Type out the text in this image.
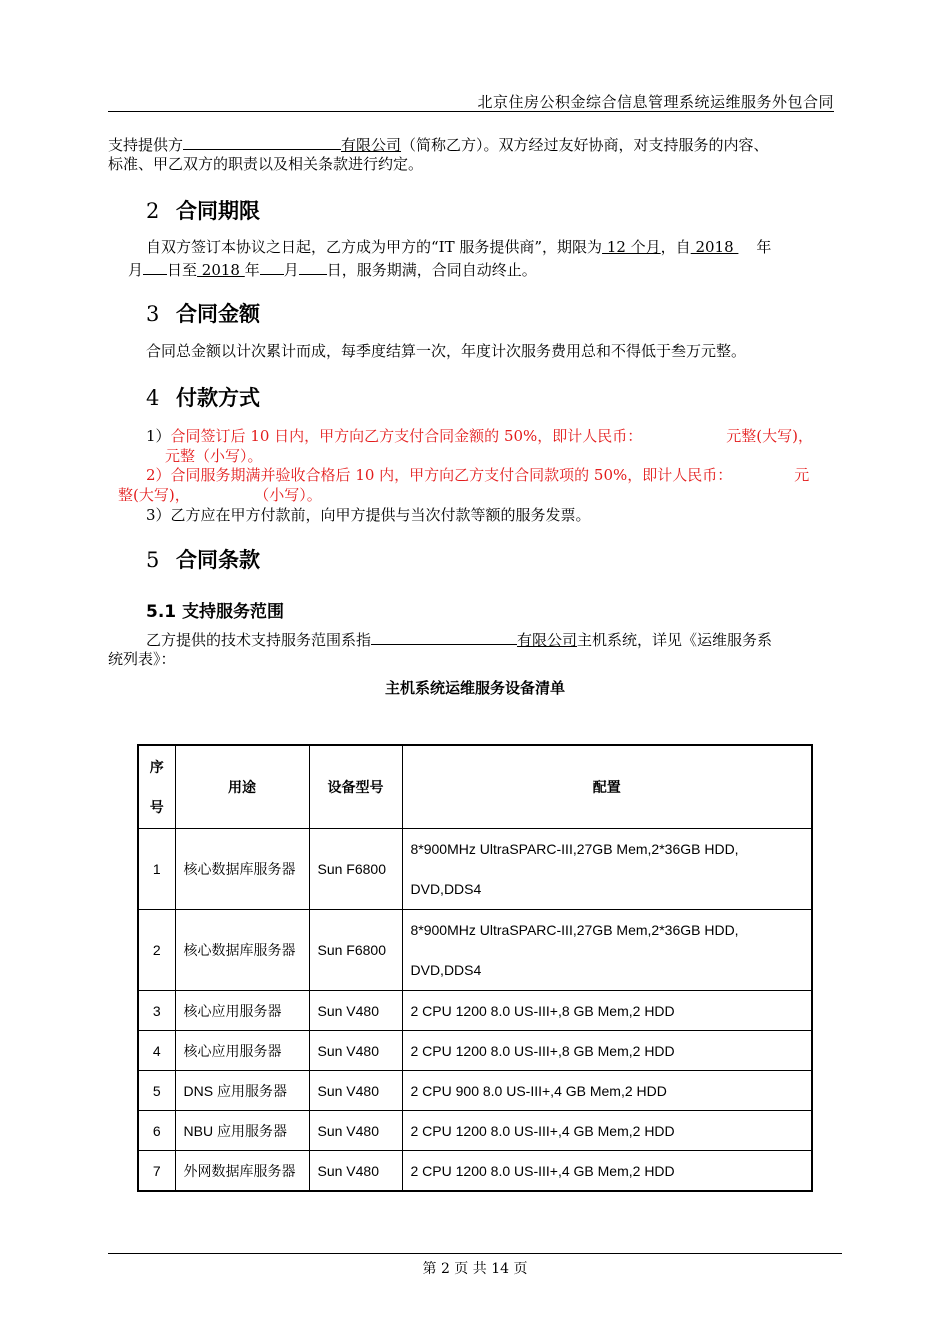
北京住房公积金综合信息管理系统运维服务外包合同
支持提供方	有限公司（简称乙方）。双方经过友好协商，对支持服务的内容、
标准、甲乙双方的职责以及相关条款进行约定。
2 合同期限
自双方签订本协议之日起，乙方成为甲方的“IT 服务提供商”，期限为 12 个月，自 2018 年
月 日至 2018 年 月 日，服务期满，合同自动终止。
3 合同金额
合同总金额以计次累计而成，每季度结算一次，年度计次服务费用总和不得低于叁万元整。
4 付款方式
1）合同签订后 10 日内，甲方向乙方支付合同金额的 50%，即计人民币：	元整(大写)，
元整（小写）。
2）合同服务期满并验收合格后 10 内，甲方向乙方支付合同款项的 50%，即计人民币：	元
整(大写)，	（小写）。
3）乙方应在甲方付款前，向甲方提供与当次付款等额的服务发票。
5 合同条款
5.1 支持服务范围
乙方提供的技术支持服务范围系指	有限公司主机系统，详见《运维服务系
统列表》：
主机系统运维服务设备清单
序
号	用途	设备型号	配置
1	核心数据库服务器	Sun F6800	8*900MHz UltraSPARC-III,27GB Mem,2*36GB HDD,
DVD,DDS4
2	核心数据库服务器	Sun F6800	8*900MHz UltraSPARC-III,27GB Mem,2*36GB HDD,
DVD,DDS4
3	核心应用服务器	Sun V480	2 CPU 1200 8.0 US-III+,8 GB Mem,2 HDD
4	核心应用服务器	Sun V480	2 CPU 1200 8.0 US-III+,8 GB Mem,2 HDD
5	DNS 应用服务器	Sun V480	2 CPU 900 8.0 US-III+,4 GB Mem,2 HDD
6	NBU 应用服务器	Sun V480	2 CPU 1200 8.0 US-III+,4 GB Mem,2 HDD
7	外网数据库服务器	Sun V480	2 CPU 1200 8.0 US-III+,4 GB Mem,2 HDD
第 2 页 共 14 页
